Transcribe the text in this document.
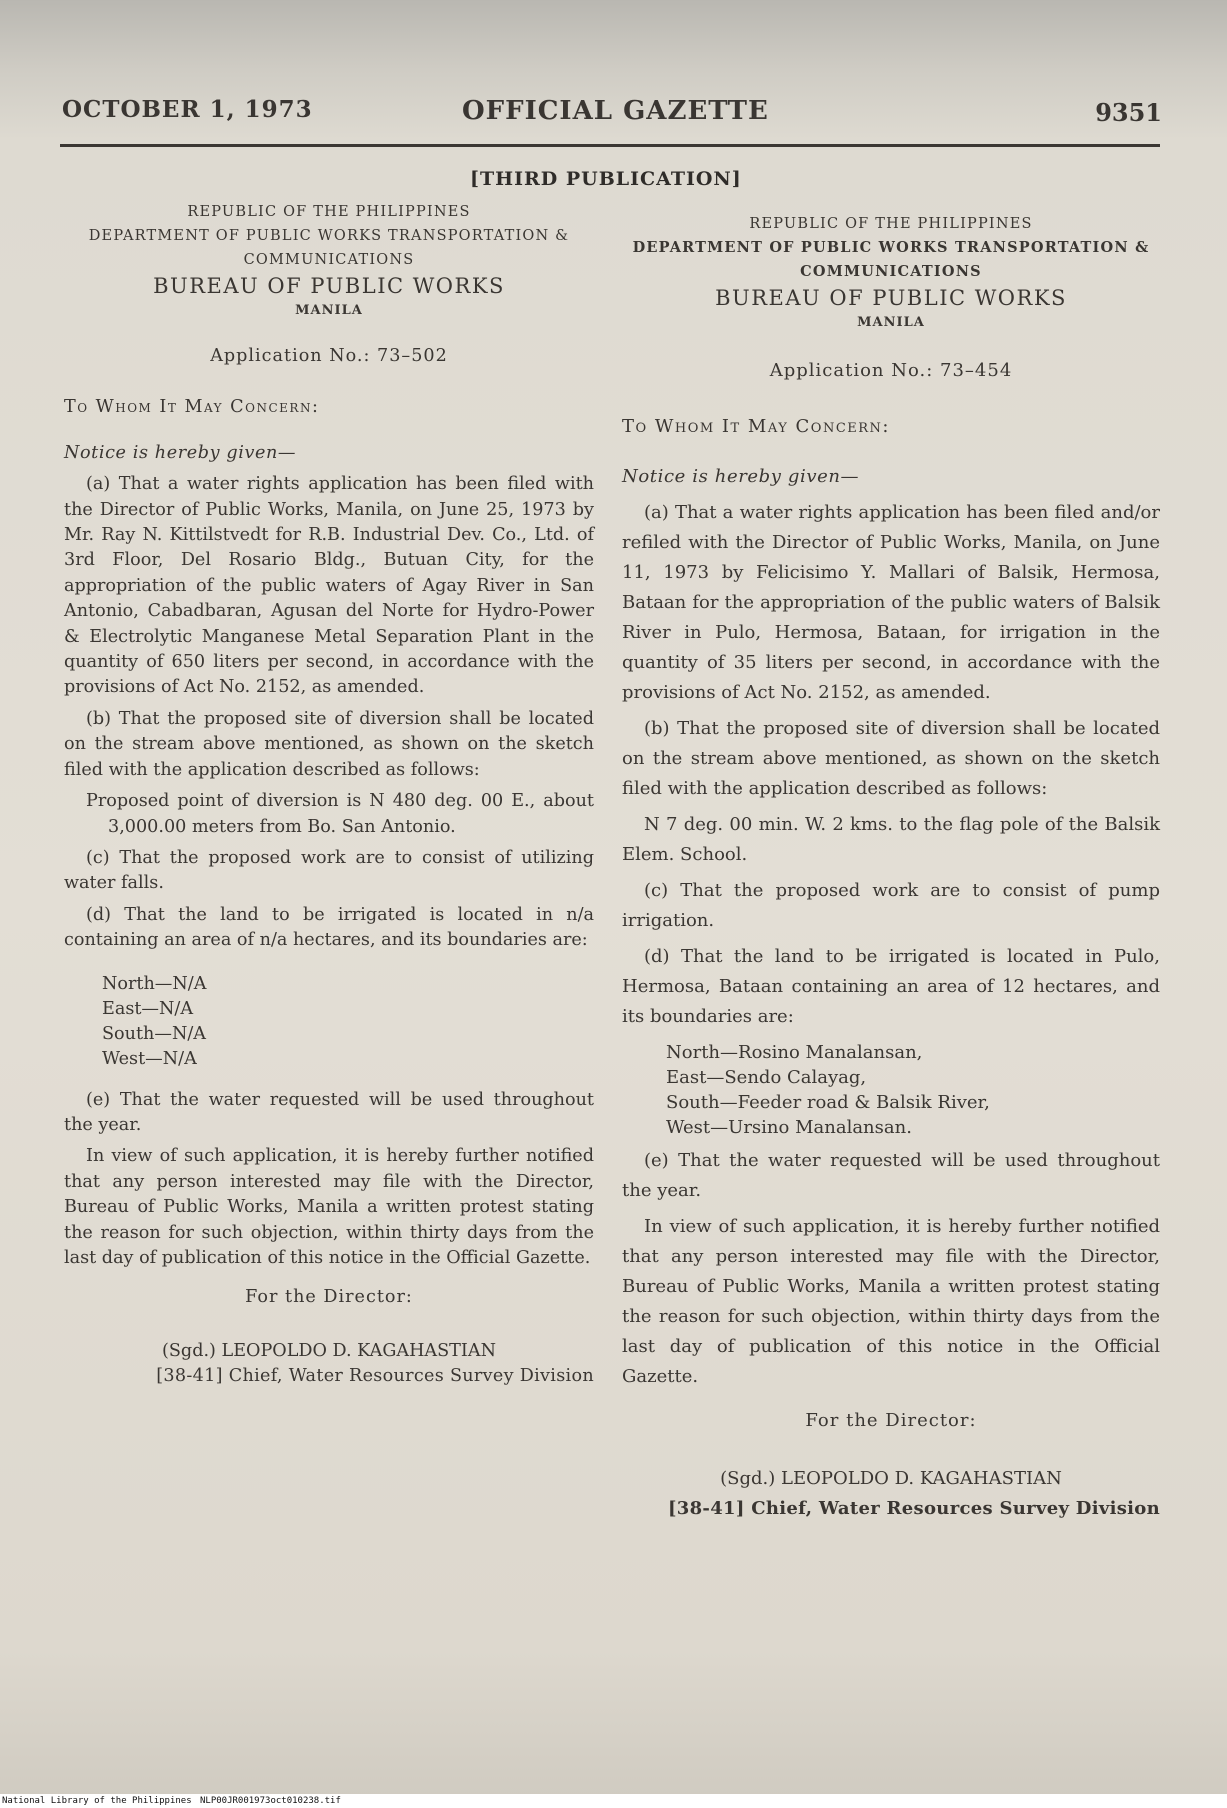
OCTOBER 1, 1973	OFFICIAL GAZETTE	9351
[THIRD PUBLICATION]
REPUBLIC OF THE PHILIPPINES
DEPARTMENT OF PUBLIC WORKS TRANSPORTATION &
COMMUNICATIONS
BUREAU OF PUBLIC WORKS
MANILA
Application No.: 73–502
To Whom It May Concern:
Notice is hereby given—

(a) That a water rights application has been filed with the Director of Public Works, Manila, on June 25, 1973 by Mr. Ray N. Kittilstvedt for R.B. Industrial Dev. Co., Ltd. of 3rd Floor, Del Rosario Bldg., Butuan City, for the appropriation of the public waters of Agay River in San Antonio, Cabadbaran, Agusan del Norte for Hydro-Power & Electrolytic Manganese Metal Separation Plant in the quantity of 650 liters per second, in accordance with the provisions of Act No. 2152, as amended.

(b) That the proposed site of diversion shall be located on the stream above mentioned, as shown on the sketch filed with the application described as follows:

Proposed point of diversion is N 480 deg. 00 E., about 3,000.00 meters from Bo. San Antonio.

(c) That the proposed work are to consist of utilizing water falls.

(d) That the land to be irrigated is located in n/a containing an area of n/a hectares, and its boundaries are:

North—N/A
East—N/A
South—N/A
West—N/A

(e) That the water requested will be used throughout the year.

In view of such application, it is hereby further notified that any person interested may file with the Director, Bureau of Public Works, Manila a written protest stating the reason for such objection, within thirty days from the last day of publication of this notice in the Official Gazette.

For the Director:
(Sgd.) LEOPOLDO D. KAGAHASTIAN
[38-41] Chief, Water Resources Survey Division
REPUBLIC OF THE PHILIPPINES
DEPARTMENT OF PUBLIC WORKS TRANSPORTATION &
COMMUNICATIONS
BUREAU OF PUBLIC WORKS
MANILA
Application No.: 73–454
To Whom It May Concern:
Notice is hereby given—

(a) That a water rights application has been filed and/or refiled with the Director of Public Works, Manila, on June 11, 1973 by Felicisimo Y. Mallari of Balsik, Hermosa, Bataan for the appropriation of the public waters of Balsik River in Pulo, Hermosa, Bataan, for irrigation in the quantity of 35 liters per second, in accordance with the provisions of Act No. 2152, as amended.

(b) That the proposed site of diversion shall be located on the stream above mentioned, as shown on the sketch filed with the application described as follows:

N 7 deg. 00 min. W. 2 kms. to the flag pole of the Balsik Elem. School.

(c) That the proposed work are to consist of pump irrigation.

(d) That the land to be irrigated is located in Pulo, Hermosa, Bataan containing an area of 12 hectares, and its boundaries are:

North—Rosino Manalansan,
East—Sendo Calayag,
South—Feeder road & Balsik River,
West—Ursino Manalansan.

(e) That the water requested will be used throughout the year.

In view of such application, it is hereby further notified that any person interested may file with the Director, Bureau of Public Works, Manila a written protest stating the reason for such objection, within thirty days from the last day of publication of this notice in the Official Gazette.

For the Director:
(Sgd.) LEOPOLDO D. KAGAHASTIAN
[38-41] Chief, Water Resources Survey Division
National Library of the Philippines NLP00JR001973oct010238.tif
